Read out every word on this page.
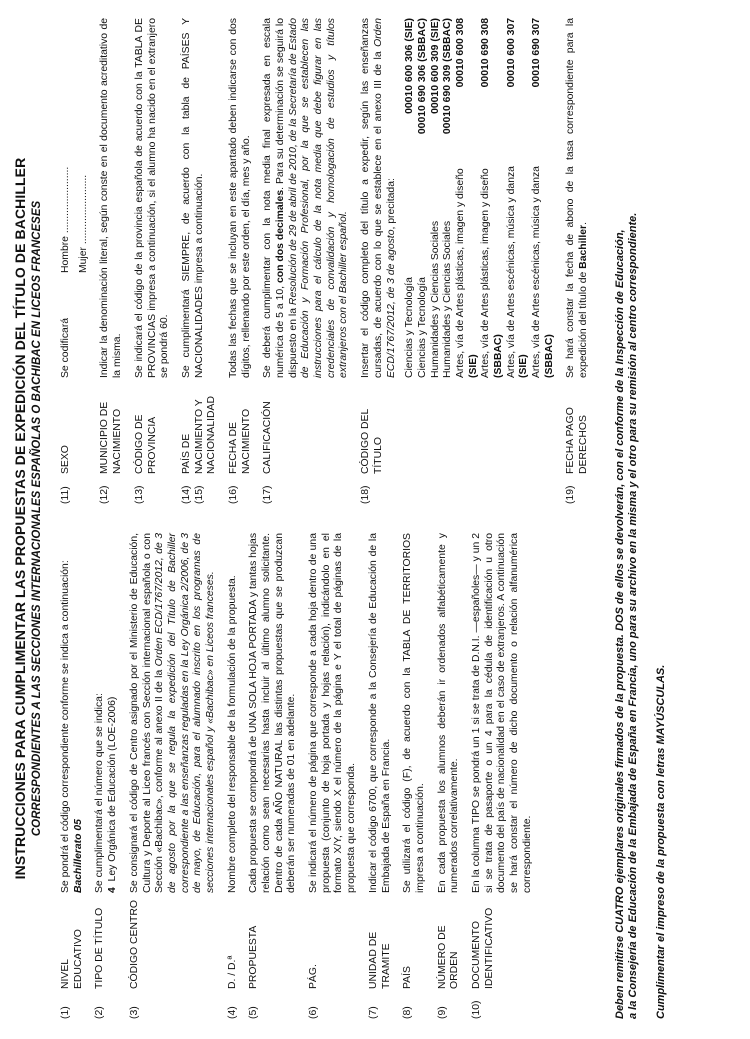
INSTRUCCIONES PARA CUMPLIMENTAR LAS PROPUESTAS DE EXPEDICIÓN DEL TÍTULO DE BACHILLER CORRESPONDIENTES A LAS SECCIONES INTERNACIONALES ESPAÑOLAS O BACHIBAC EN LICEOS FRANCESES
(1)
NIVEL EDUCATIVO

Se pondrá el código correspondiente conforme se indica a continuación: Bachillerato 05

(2)
TIPO DE TÍTULO

Se cumplimentará el número que se indica: 4  Ley Orgánica de Educación (LOE-2006)

(3)
CÓDIGO CENTRO

Se consignará el código de Centro asignado por el Ministerio de Educación, Cultura y Deporte al Liceo francés con Sección internacional española o con Sección «Bachibac», conforme al anexo II de la Orden ECD/1767/2012, de 3 de agosto por la que se regula la expedición del Título de Bachiller correspondiente a las enseñanzas reguladas en la Ley Orgánica 2/2006, de 3 de mayo, de Educación, para el alumnado inscrito en los programas de secciones internacionales español y «Bachibac» en Liceos franceses.

(4)
D. / D.ª

Nombre completo del responsable de la formulación de la propuesta.

(5)
PROPUESTA

Cada propuesta se compondrá de UNA SOLA HOJA PORTADA y tantas hojas relación como sean necesarias hasta incluir al último alumno solicitante. Dentro de cada AÑO NATURAL las distintas propuestas que se produzcan deberán ser numeradas de 01 en adelante.

(6)
PÁG.

Se indicará el número de página que corresponde a cada hoja dentro de una propuesta (conjunto de hoja portada y hojas relación), indicándolo en el formato X/Y, siendo X el número de la página e Y el total de páginas de la propuesta que corresponda.

(7)
UNIDAD DE TRAMITE

Indicar el código 6700, que corresponde a la Consejería de Educación de la Embajada de España en Francia.

(8)
PAÍS

Se utilizará el código (F), de acuerdo con la TABLA DE TERRITORIOS impresa a continuación.

(9)
NÚMERO DE ORDEN

En cada propuesta los alumnos deberán ir ordenados alfabéticamente y numerados correlativamente.

(10)
DOCUMENTO IDENTIFICATIVO

En la columna TIPO se pondrá un 1 si se trata de D.N.I. —españoles— y un 2 si se trata de pasaporte o un 4 para la cédula de identificación u otro documento del país de nacionalidad en el caso de extranjeros. A continuación se hará constar el número de dicho documento o relación alfanumérica correspondiente.

(11)
SEXO
Se codificará
Hombre ....................... Mujer ........................
(12)
MUNICIPIO DE NACIMIENTO

Indicar la denominación literal, según conste en el documento acreditativo de la misma.

(13)
CÓDIGO DE PROVINCIA

Se indicará el código de la provincia española de acuerdo con la TABLA DE PROVINCIAS impresa a continuación, si el alumno ha nacido en el extranjero se pondrá 60.

(14) (15)
PAÍS DE NACIMIENTO Y NACIONALIDAD

Se cumplimentará SIEMPRE, de acuerdo con la tabla de PAÍSES Y NACIONALIDADES impresa a continuación.

(16)
FECHA DE NACIMIENTO

Todas las fechas que se incluyan en este apartado deben indicarse con dos dígitos, rellenando por este orden, el día, mes y año.

(17)
CALIFICACIÓN

Se deberá cumplimentar con la nota media final expresada en escala numérica de 5 a 10, con dos decimales. Para su determinación se seguirá lo dispuesto en la Resolución de 29 de abril de 2010, de la Secretaría de Estado de Educación y Formación Profesional, por la que se establecen las instrucciones para el cálculo de la nota media que debe figurar en las credenciales de convalidación y homologación de estudios y títulos extranjeros con el Bachiller español.

(18)
CÓDIGO DEL TÍTULO

Insertar el código completo del título a expedir, según las enseñanzas cursadas, de acuerdo con lo que se establece en el anexo III de la Orden ECD/1767/2012, de 3 de agosto, precitada:

Ciencias y Tecnología
00010 600 306 (SIE)
Ciencias y Tecnología
00010 690 306 (SBBAC)
Humanidades y Ciencias Sociales
00010 600 309 (SIE)
Humanidades y Ciencias Sociales
00010 690 309 (SBBAC)
Artes, vía de Artes plásticas, imagen y diseño
00010 600 308
(SIE) Artes, vía de Artes plásticas, imagen y diseño
00010 690 308
(SBBAC) Artes, vía de Artes escénicas, música y danza
00010 600 307
(SIE) Artes, vía de Artes escénicas, música y danza
00010 690 307
(SBBAC)
(19)
FECHA PAGO DERECHOS

Se hará constar la fecha de abono de la tasa correspondiente para la expedición del título de Bachiller.

Deben remitirse CUATRO ejemplares originales firmados de la propuesta. DOS de ellos se devolverán, con el conforme de la Inspección de Educación, a la Consejería de Educación de la Embajada de España en Francia, uno para su archivo en la misma y el otro para su remisión al centro correspondiente. Cumplimentar el impreso de la propuesta con letras MAYÚSCULAS.
